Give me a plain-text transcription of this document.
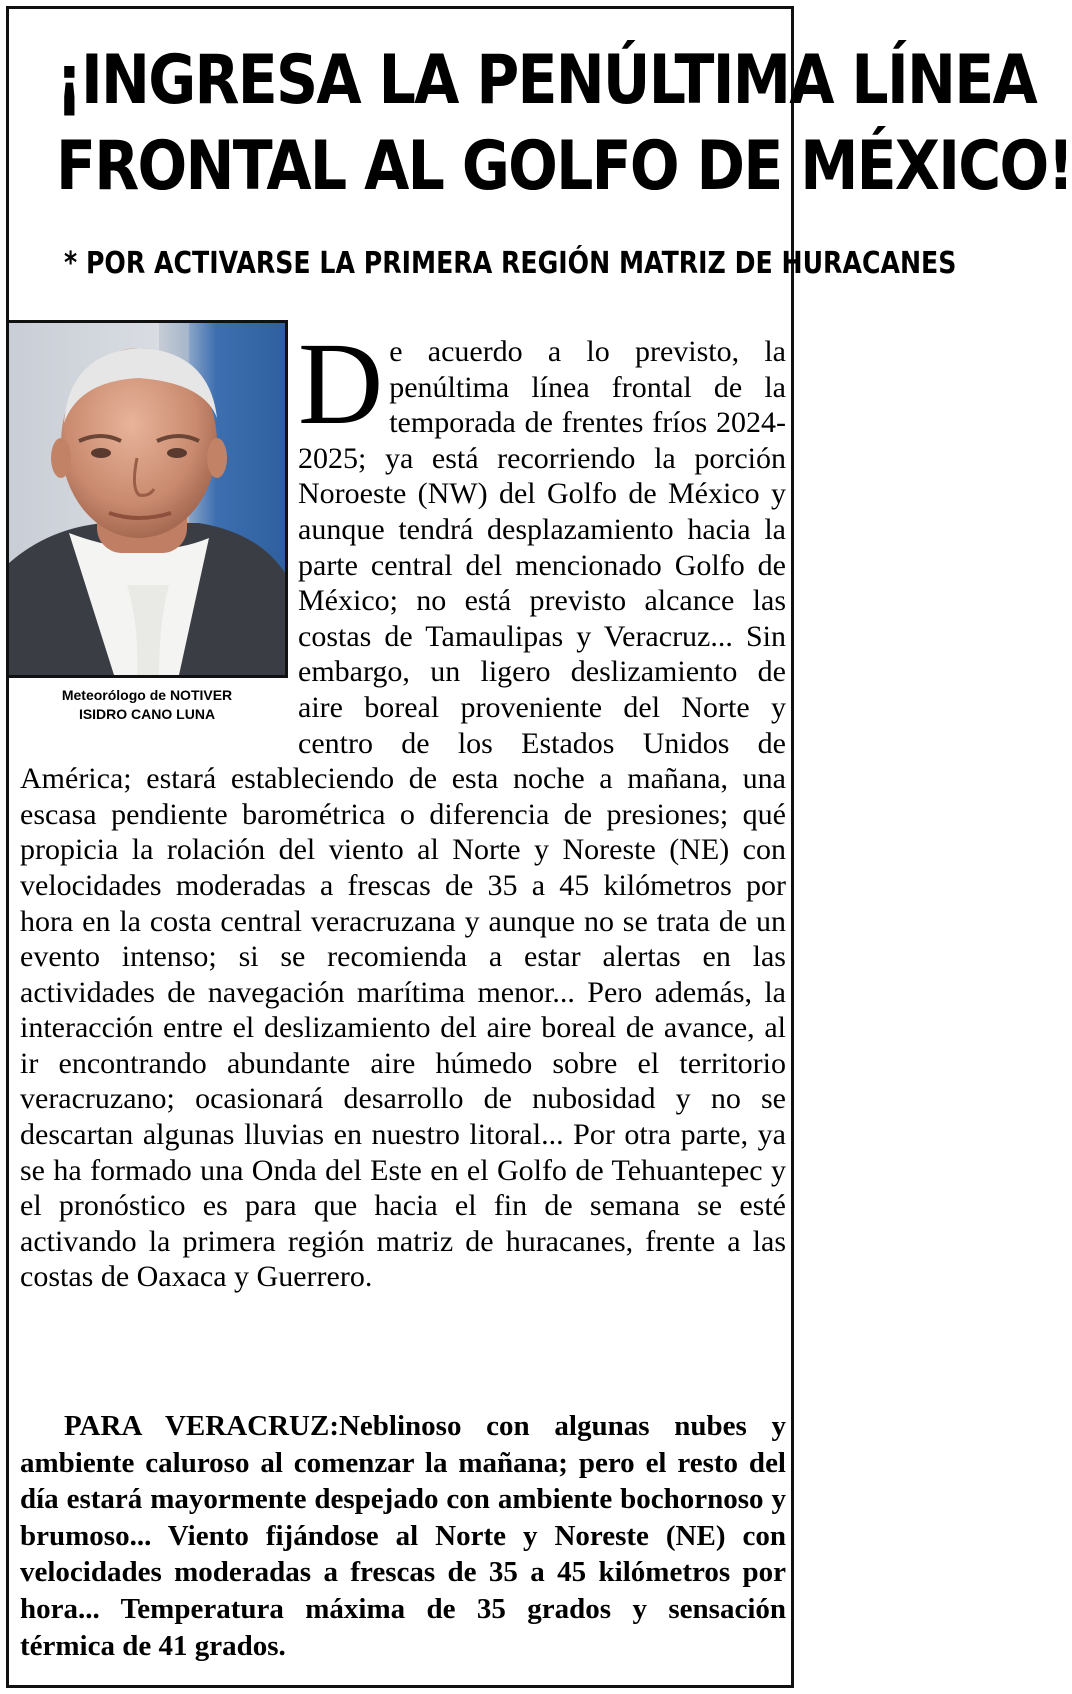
¡INGRESA LA PENÚLTIMA LÍNEA
FRONTAL AL GOLFO DE MÉXICO!
* POR ACTIVARSE LA PRIMERA REGIÓN MATRIZ DE HURACANES
Meteorólogo de NOTIVER
ISIDRO CANO LUNA
D e acuerdo a lo previsto, la penúltima línea frontal de la temporada de frentes fríos 2024-2025; ya está recorriendo la porción Noroeste (NW) del Golfo de México y aunque tendrá desplazamiento hacia la parte central del mencionado Golfo de México; no está previsto alcance las costas de Tamaulipas y Veracruz... Sin embargo, un ligero deslizamiento de aire boreal proveniente del Norte y centro de los Estados Unidos de América; estará estableciendo de esta noche a mañana, una escasa pendiente barométrica o diferencia de presiones; qué propicia la rolación del viento al Norte y Noreste (NE) con velocidades moderadas a frescas de 35 a 45 kilómetros por hora en la costa central veracruzana y aunque no se trata de un evento intenso; si se recomienda a estar alertas en las actividades de navegación marítima menor... Pero además, la interacción entre el deslizamiento del aire boreal de avance, al ir encontrando abundante aire húmedo sobre el territorio veracruzano; ocasionará desarrollo de nubosidad y no se descartan algunas lluvias en nuestro litoral... Por otra parte, ya se ha formado una Onda del Este en el Golfo de Tehuantepec y el pronóstico es para que hacia el fin de semana se esté activando la primera región matriz de huracanes, frente a las costas de Oaxaca y Guerrero.

PARA VERACRUZ:Neblinoso con algunas nubes y ambiente caluroso al comenzar la mañana; pero el resto del día estará mayormente despejado con ambiente bochornoso y brumoso... Viento fijándose al Norte y Noreste (NE) con velocidades moderadas a frescas de 35 a 45 kilómetros por hora... Temperatura máxima de 35 grados y sensación térmica de 41 grados.
